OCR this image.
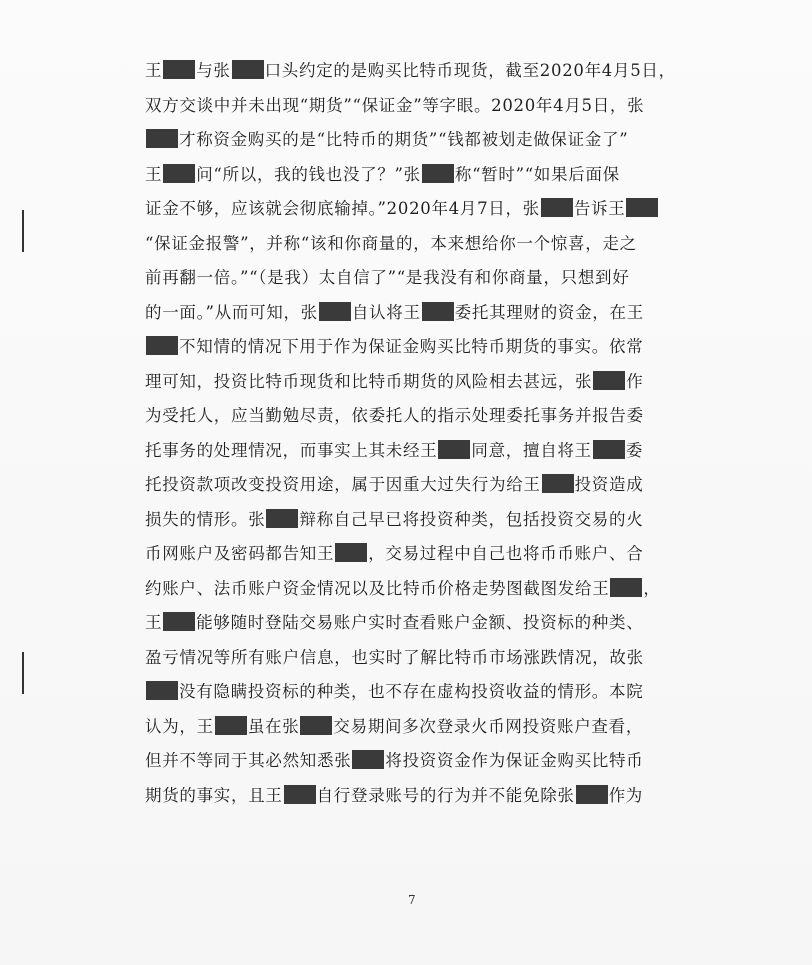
王 与张 口头约定的是购买比特币现货，截至2020年4月5日，
双方交谈中并未出现“期货”“保证金”等字眼。2020年4月5日，张
才称资金购买的是“比特币的期货”“钱都被划走做保证金了”
王 问“所以，我的钱也没了？”张 称“暂时”“如果后面保
证金不够，应该就会彻底输掉。”2020年4月7日，张 告诉王
“保证金报警”，并称“该和你商量的，本来想给你一个惊喜，走之
前再翻一倍。”“（是我）太自信了”“是我没有和你商量，只想到好
的一面。”从而可知，张 自认将王 委托其理财的资金，在王
不知情的情况下用于作为保证金购买比特币期货的事实。依常
理可知，投资比特币现货和比特币期货的风险相去甚远，张 作
为受托人，应当勤勉尽责，依委托人的指示处理委托事务并报告委
托事务的处理情况，而事实上其未经王 同意，擅自将王 委
托投资款项改变投资用途，属于因重大过失行为给王 投资造成
损失的情形。张 辩称自己早已将投资种类，包括投资交易的火
币网账户及密码都告知王 ，交易过程中自己也将币币账户、合
约账户、法币账户资金情况以及比特币价格走势图截图发给王 ，
王 能够随时登陆交易账户实时查看账户金额、投资标的种类、
盈亏情况等所有账户信息，也实时了解比特币市场涨跌情况，故张
没有隐瞒投资标的种类，也不存在虚构投资收益的情形。本院
认为，王 虽在张 交易期间多次登录火币网投资账户查看，
但并不等同于其必然知悉张 将投资资金作为保证金购买比特币
期货的事实，且王 自行登录账号的行为并不能免除张 作为
7
